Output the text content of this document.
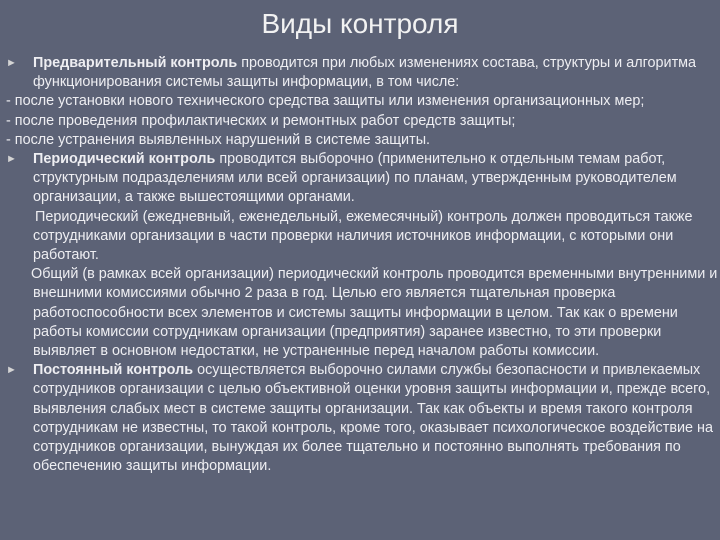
Виды контроля
►	Предварительный контроль проводится при любых изменениях состава, структуры и алгоритма функционирования системы защиты информации, в том числе:
- после установки нового технического средства защиты или изменения организационных мер;
- после проведения профилактических и ремонтных работ средств защиты;
- после устранения выявленных нарушений в системе защиты.
►	Периодический контроль проводится выборочно (применительно к отдельным темам работ, структурным подразделениям или всей организации) по планам, утвержденным руководителем организации, а также вышестоящими органами.
Периодический (ежедневный, еженедельный, ежемесячный) контроль должен проводиться также сотрудниками организации в части проверки наличия источников информации, с которыми они работают.
Общий (в рамках всей организации) периодический контроль проводится временными внутренними и внешними комиссиями обычно 2 раза в год. Целью его является тщательная проверка работоспособности всех элементов и системы защиты информации в целом. Так как о времени работы комиссии сотрудникам организации (предприятия) заранее известно, то эти проверки выявляет в основном недостатки, не устраненные перед началом работы комиссии.
►	Постоянный контроль осуществляется выборочно силами службы безопасности и привлекаемых сотрудников организации с целью объективной оценки уровня защиты информации и, прежде всего, выявления слабых мест в системе защиты организации. Так как объекты и время такого контроля сотрудникам не известны, то такой контроль, кроме того, оказывает психологическое воздействие на сотрудников организации, вынуждая их более тщательно и постоянно выполнять требования по обеспечению защиты информации.
